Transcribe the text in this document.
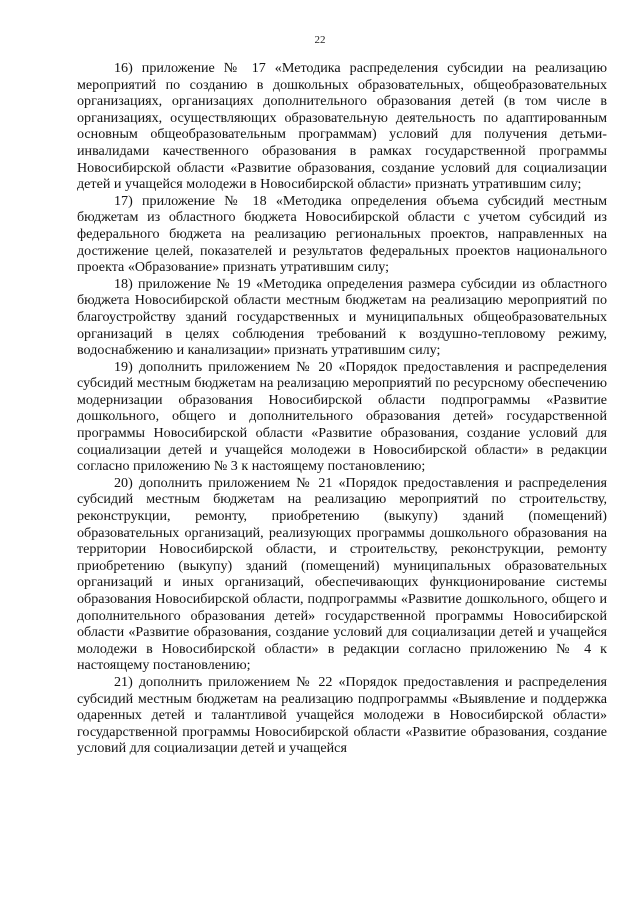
22

16) приложение № 17 «Методика распределения субсидии на реализацию мероприятий по созданию в дошкольных образовательных, общеобразовательных организациях, организациях дополнительного образования детей (в том числе в организациях, осуществляющих образовательную деятельность по адаптированным основным общеобразовательным программам) условий для получения детьми-инвалидами качественного образования в рамках государственной программы Новосибирской области «Развитие образования, создание условий для социализации детей и учащейся молодежи в Новосибирской области» признать утратившим силу;

17) приложение № 18 «Методика определения объема субсидий местным бюджетам из областного бюджета Новосибирской области с учетом субсидий из федерального бюджета на реализацию региональных проектов, направленных на достижение целей, показателей и результатов федеральных проектов национального проекта «Образование» признать утратившим силу;

18) приложение № 19 «Методика определения размера субсидии из областного бюджета Новосибирской области местным бюджетам на реализацию мероприятий по благоустройству зданий государственных и муниципальных общеобразовательных организаций в целях соблюдения требований к воздушно-тепловому режиму, водоснабжению и канализации» признать утратившим силу;

19) дополнить приложением № 20 «Порядок предоставления и распределения субсидий местным бюджетам на реализацию мероприятий по ресурсному обеспечению модернизации образования Новосибирской области подпрограммы «Развитие дошкольного, общего и дополнительного образования детей» государственной программы Новосибирской области «Развитие образования, создание условий для социализации детей и учащейся молодежи в Новосибирской области» в редакции согласно приложению № 3 к настоящему постановлению;

20) дополнить приложением № 21 «Порядок предоставления и распределения субсидий местным бюджетам на реализацию мероприятий по строительству, реконструкции, ремонту, приобретению (выкупу) зданий (помещений) образовательных организаций, реализующих программы дошкольного образования на территории Новосибирской области, и строительству, реконструкции, ремонту приобретению (выкупу) зданий (помещений) муниципальных образовательных организаций и иных организаций, обеспечивающих функционирование системы образования Новосибирской области, подпрограммы «Развитие дошкольного, общего и дополнительного образования детей» государственной программы Новосибирской области «Развитие образования, создание условий для социализации детей и учащейся молодежи в Новосибирской области» в редакции согласно приложению № 4 к настоящему постановлению;

21) дополнить приложением № 22 «Порядок предоставления и распределения субсидий местным бюджетам на реализацию подпрограммы «Выявление и поддержка одаренных детей и талантливой учащейся молодежи в Новосибирской области» государственной программы Новосибирской области «Развитие образования, создание условий для социализации детей и учащейся
